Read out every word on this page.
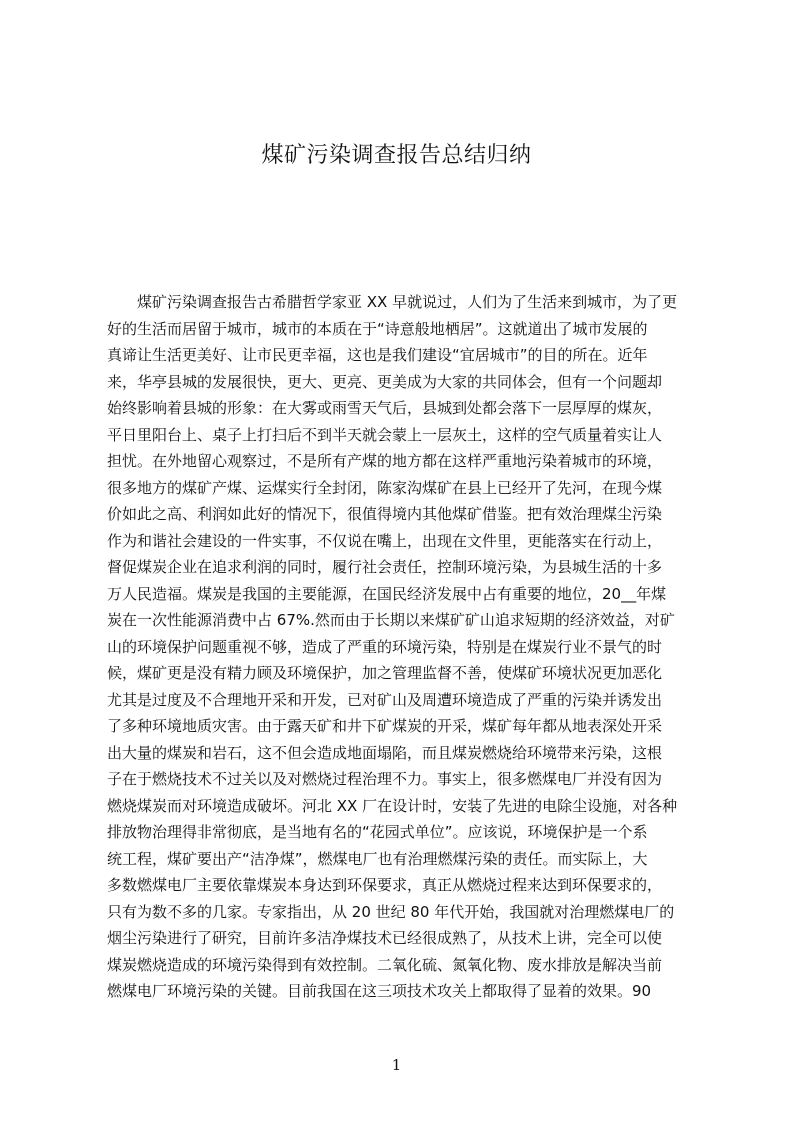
煤矿污染调查报告总结归纳
　　煤矿污染调查报告古希腊哲学家亚 XX 早就说过，人们为了生活来到城市，为了更
好的生活而居留于城市，城市的本质在于“诗意般地栖居”。这就道出了城市发展的
真谛让生活更美好、让市民更幸福，这也是我们建设“宜居城市”的目的所在。近年
来，华亭县城的发展很快，更大、更亮、更美成为大家的共同体会，但有一个问题却
始终影响着县城的形象：在大雾或雨雪天气后，县城到处都会落下一层厚厚的煤灰，
平日里阳台上、桌子上打扫后不到半天就会蒙上一层灰土，这样的空气质量着实让人
担忧。在外地留心观察过，不是所有产煤的地方都在这样严重地污染着城市的环境，
很多地方的煤矿产煤、运煤实行全封闭，陈家沟煤矿在县上已经开了先河，在现今煤
价如此之高、利润如此好的情况下，很值得境内其他煤矿借鉴。把有效治理煤尘污染
作为和谐社会建设的一件实事，不仅说在嘴上，出现在文件里，更能落实在行动上，
督促煤炭企业在追求利润的同时，履行社会责任，控制环境污染，为县城生活的十多
万人民造福。煤炭是我国的主要能源，在国民经济发展中占有重要的地位，20__年煤
炭在一次性能源消费中占 67%.然而由于长期以来煤矿矿山追求短期的经济效益，对矿
山的环境保护问题重视不够，造成了严重的环境污染，特别是在煤炭行业不景气的时
候，煤矿更是没有精力顾及环境保护，加之管理监督不善，使煤矿环境状况更加恶化
尤其是过度及不合理地开采和开发，已对矿山及周遭环境造成了严重的污染并诱发出
了多种环境地质灾害。由于露天矿和井下矿煤炭的开采，煤矿每年都从地表深处开采
出大量的煤炭和岩石，这不但会造成地面塌陷，而且煤炭燃烧给环境带来污染，这根
子在于燃烧技术不过关以及对燃烧过程治理不力。事实上，很多燃煤电厂并没有因为
燃烧煤炭而对环境造成破坏。河北 XX 厂在设计时，安装了先进的电除尘设施，对各种
排放物治理得非常彻底，是当地有名的“花园式单位”。应该说，环境保护是一个系
统工程，煤矿要出产“洁净煤”，燃煤电厂也有治理燃煤污染的责任。而实际上，大
多数燃煤电厂主要依靠煤炭本身达到环保要求，真正从燃烧过程来达到环保要求的，
只有为数不多的几家。专家指出，从 20 世纪 80 年代开始，我国就对治理燃煤电厂的
烟尘污染进行了研究，目前许多洁净煤技术已经很成熟了，从技术上讲，完全可以使
煤炭燃烧造成的环境污染得到有效控制。二氧化硫、氮氧化物、废水排放是解决当前
燃煤电厂环境污染的关键。目前我国在这三项技术攻关上都取得了显着的效果。90
1
